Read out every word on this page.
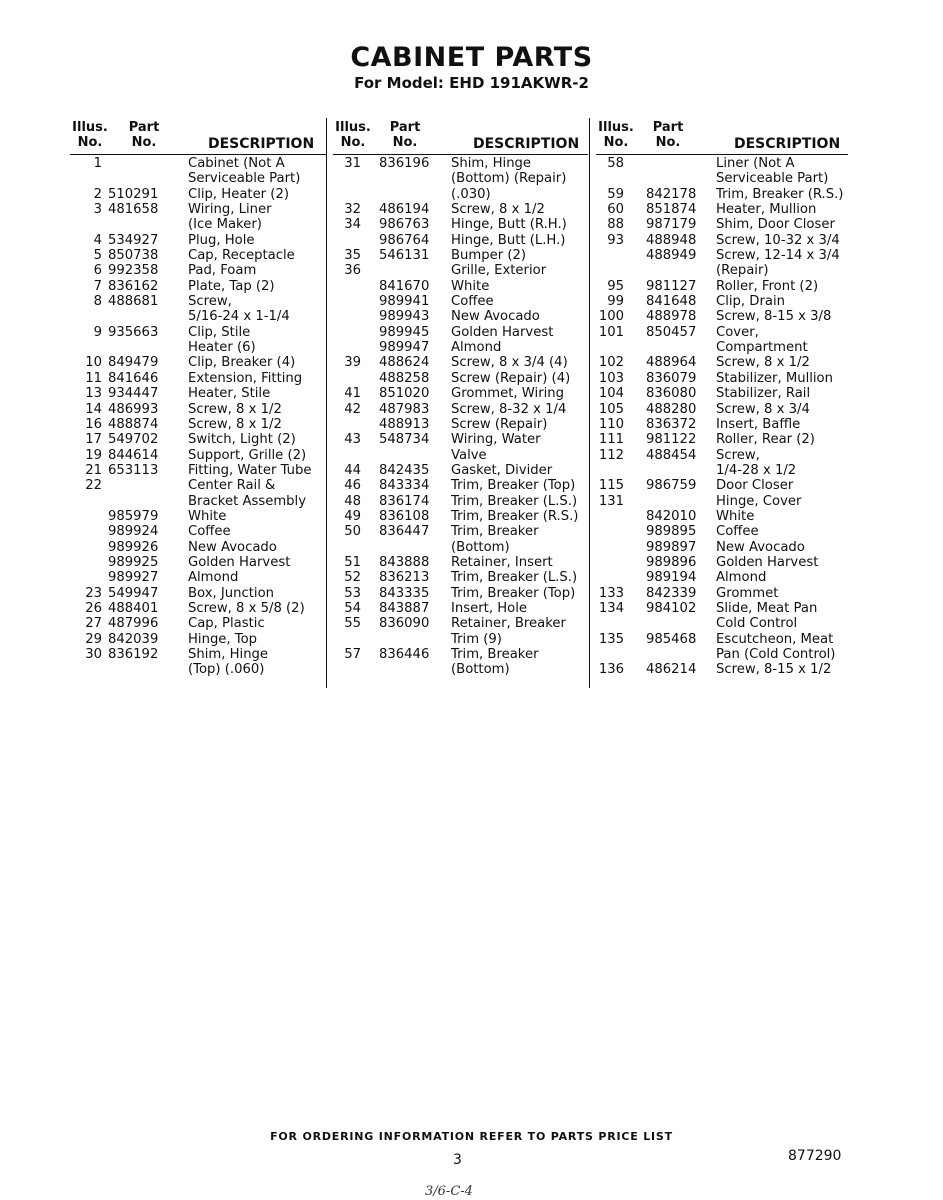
CABINET PARTS
For Model: EHD 191AKWR-2
Illus.
No.
Part
No.	DESCRIPTION
1	Cabinet (Not A
Serviceable Part)
2 510291 Clip, Heater (2)
3 481658 Wiring, Liner
(Ice Maker)
4 534927 Plug, Hole
5 850738 Cap, Receptacle
6 992358 Pad, Foam
7 836162 Plate, Tap (2)
8 488681 Screw,
5/16-24 x 1-1/4
9 935663 Clip, Stile
Heater (6)
10 849479 Clip, Breaker (4)
11 841646 Extension, Fitting
13 934447 Heater, Stile
14 486993 Screw, 8 x 1/2
16 488874 Screw, 8 x 1/2
17 549702 Switch, Light (2)
19 844614 Support, Grille (2)
21 653113 Fitting, Water Tube
22	Center Rail &
Bracket Assembly
985979 White
989924 Coffee
989926 New Avocado
989925 Golden Harvest
989927 Almond
23 549947 Box, Junction
26 488401 Screw, 8 x 5/8 (2)
27 487996 Cap, Plastic
29 842039 Hinge, Top
30 836192 Shim, Hinge
(Top) (.060)
Illus.
No.
Part
No.	DESCRIPTION
31 836196 Shim, Hinge
(Bottom) (Repair)
(.030)
32 486194 Screw, 8 x 1/2
34 986763 Hinge, Butt (R.H.)
986764 Hinge, Butt (L.H.)
35 546131 Bumper (2)
36	Grille, Exterior
841670 White
989941 Coffee
989943 New Avocado
989945 Golden Harvest
989947 Almond
39 488624 Screw, 8 x 3/4 (4)
488258 Screw (Repair) (4)
41 851020 Grommet, Wiring
42 487983 Screw, 8-32 x 1/4
488913 Screw (Repair)
43 548734 Wiring, Water
Valve
44 842435 Gasket, Divider
46 843334 Trim, Breaker (Top)
48 836174 Trim, Breaker (L.S.)
49 836108 Trim, Breaker (R.S.)
50 836447 Trim, Breaker
(Bottom)
51 843888 Retainer, Insert
52 836213 Trim, Breaker (L.S.)
53 843335 Trim, Breaker (Top)
54 843887 Insert, Hole
55 836090 Retainer, Breaker
Trim (9)
57 836446 Trim, Breaker
(Bottom)
Illus.
No.
Part
No.	DESCRIPTION
58	Liner (Not A
Serviceable Part)
59 842178 Trim, Breaker (R.S.)
60 851874 Heater, Mullion
88 987179 Shim, Door Closer
93 488948 Screw, 10-32 x 3/4
488949 Screw, 12-14 x 3/4
(Repair)
95 981127 Roller, Front (2)
99 841648 Clip, Drain
100 488978 Screw, 8-15 x 3/8
101 850457 Cover,
Compartment
102 488964 Screw, 8 x 1/2
103 836079 Stabilizer, Mullion
104 836080 Stabilizer, Rail
105 488280 Screw, 8 x 3/4
110 836372 Insert, Baffle
111 981122 Roller, Rear (2)
112 488454 Screw,
1/4-28 x 1/2
115 986759 Door Closer
131	Hinge, Cover
842010 White
989895 Coffee
989897 New Avocado
989896 Golden Harvest
989194 Almond
133 842339 Grommet
134 984102 Slide, Meat Pan
Cold Control
135 985468 Escutcheon, Meat
Pan (Cold Control)
136 486214 Screw, 8-15 x 1/2
FOR ORDERING INFORMATION REFER TO PARTS PRICE LIST
3	877290
3/6-C-4
